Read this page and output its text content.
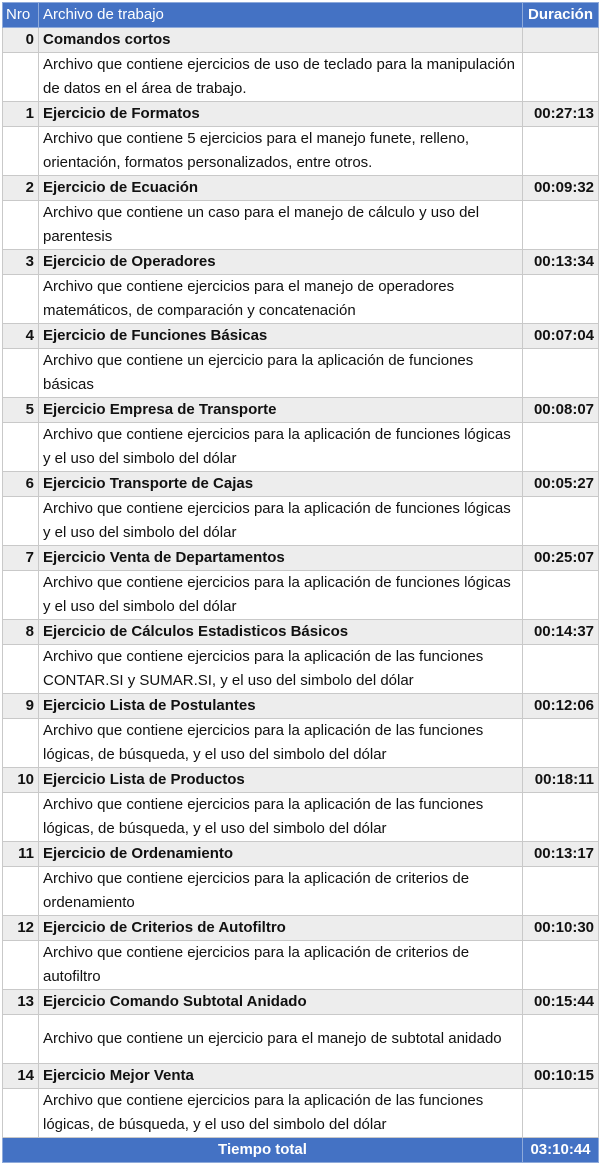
Nro	Archivo de trabajo	Duración
0	Comandos cortos	
	Archivo que contiene ejercicios de uso de teclado para la manipulación de datos en el área de trabajo.	
1	Ejercicio de Formatos	00:27:13
	Archivo que contiene 5 ejercicios para el manejo funete, relleno, orientación, formatos personalizados, entre otros.	
2	Ejercicio de Ecuación	00:09:32
	Archivo que contiene un caso para el manejo de cálculo y uso del parentesis	
3	Ejercicio de Operadores	00:13:34
	Archivo que contiene ejercicios para el manejo de operadores matemáticos, de comparación y concatenación	
4	Ejercicio de Funciones Básicas	00:07:04
	Archivo que contiene un ejercicio para la aplicación de funciones básicas	
5	Ejercicio Empresa de Transporte	00:08:07
	Archivo que contiene ejercicios para la aplicación de funciones lógicas y el uso del simbolo del dólar	
6	Ejercicio Transporte de Cajas	00:05:27
	Archivo que contiene ejercicios para la aplicación de funciones lógicas y el uso del simbolo del dólar	
7	Ejercicio Venta de Departamentos	00:25:07
	Archivo que contiene ejercicios para la aplicación de funciones lógicas y el uso del simbolo del dólar	
8	Ejercicio de Cálculos Estadisticos Básicos	00:14:37
	Archivo que contiene ejercicios para la aplicación de las funciones CONTAR.SI y SUMAR.SI, y el uso del simbolo del dólar	
9	Ejercicio Lista de Postulantes	00:12:06
	Archivo que contiene ejercicios para la aplicación de las funciones lógicas, de búsqueda, y el uso del simbolo del dólar	
10	Ejercicio Lista de Productos	00:18:11
	Archivo que contiene ejercicios para la aplicación de las funciones lógicas, de búsqueda, y el uso del simbolo del dólar	
11	Ejercicio de Ordenamiento	00:13:17
	Archivo que contiene ejercicios para la aplicación de criterios de ordenamiento	
12	Ejercicio de Criterios de Autofiltro	00:10:30
	Archivo que contiene ejercicios para la aplicación de criterios de autofiltro	
13	Ejercicio Comando Subtotal Anidado	00:15:44
	Archivo que contiene un ejercicio para el manejo de subtotal anidado	
14	Ejercicio Mejor Venta	00:10:15
	Archivo que contiene ejercicios para la aplicación de las funciones lógicas, de búsqueda, y el uso del simbolo del dólar	
Tiempo total		03:10:44
